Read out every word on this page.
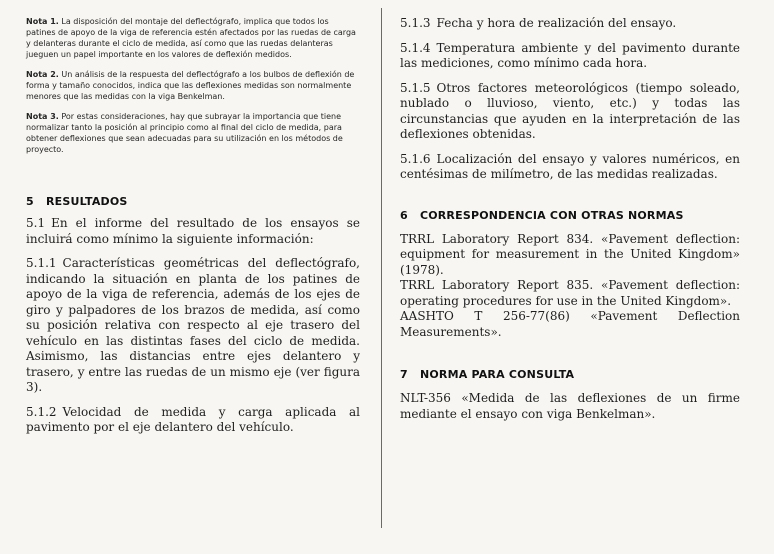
Nota 1. La disposición del montaje del deflectógrafo, implica que todos los patines de apoyo de la viga de referencia estén afectados por las ruedas de carga y delanteras durante el ciclo de medida, así como que las ruedas delanteras jueguen un papel importante en los valores de deflexión medidos.

Nota 2. Un análisis de la respuesta del deflectógrafo a los bulbos de deflexión de forma y tamaño conocidos, indica que las deflexiones medidas son normalmente menores que las medidas con la viga Benkelman.

Nota 3. Por estas consideraciones, hay que subrayar la importancia que tiene normalizar tanto la posición al principio como al final del ciclo de medida, para obtener deflexiones que sean adecuadas para su utilización en los métodos de proyecto.

5   RESULTADOS

5.1 En el informe del resultado de los ensayos se incluirá como mínimo la siguiente información:

5.1.1 Características geométricas del deflectógrafo, indicando la situación en planta de los patines de apoyo de la viga de referencia, además de los ejes de giro y palpadores de los brazos de medida, así como su posición relativa con respecto al eje trasero del vehículo en las distintas fases del ciclo de medida. Asimismo, las distancias entre ejes delantero y trasero, y entre las ruedas de un mismo eje (ver figura 3).

5.1.2 Velocidad de medida y carga aplicada al pavimento por el eje delantero del vehículo.

5.1.3 Fecha y hora de realización del ensayo.

5.1.4 Temperatura ambiente y del pavimento durante las mediciones, como mínimo cada hora.

5.1.5 Otros factores meteorológicos (tiempo soleado, nublado o lluvioso, viento, etc.) y todas las circunstancias que ayuden en la interpretación de las deflexiones obtenidas.

5.1.6 Localización del ensayo y valores numéricos, en centésimas de milímetro, de las medidas realizadas.

6   CORRESPONDENCIA CON OTRAS NORMAS

TRRL Laboratory Report 834. «Pavement deflection: equipment for measurement in the United Kingdom» (1978).

TRRL Laboratory Report 835. «Pavement deflection: operating procedures for use in the United Kingdom».

AASHTO T 256-77(86) «Pavement Deflection Measurements».

7   NORMA PARA CONSULTA

NLT-356 «Medida de las deflexiones de un firme mediante el ensayo con viga Benkelman».
